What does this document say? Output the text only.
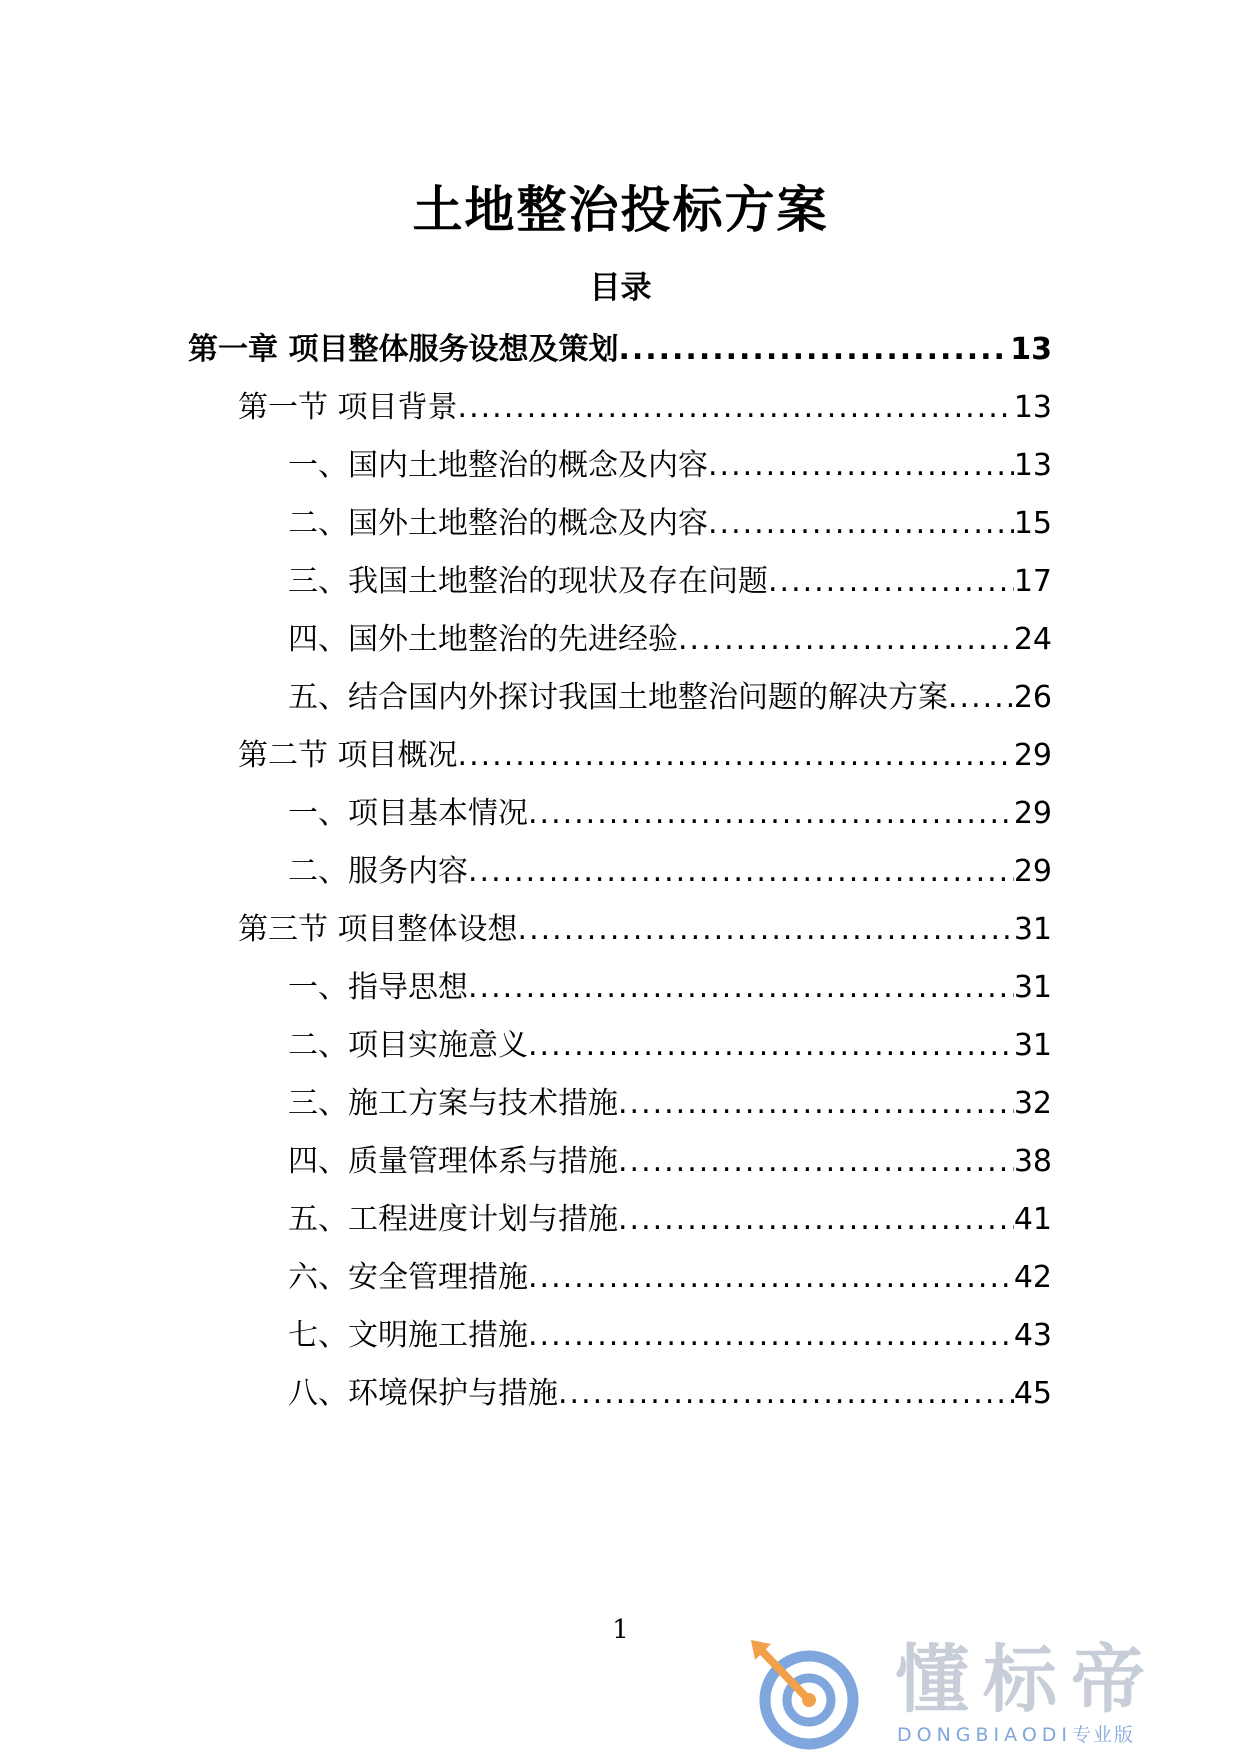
土地整治投标方案
目录
第一章 项目整体服务设想及策划 .....	13
第一节 项目背景 .....	13
一、国内土地整治的概念及内容 .....	13
二、国外土地整治的概念及内容 .....	15
三、我国土地整治的现状及存在问题 .....	17
四、国外土地整治的先进经验 .....	24
五、结合国内外探讨我国土地整治问题的解决方案 ..... 26
第二节 项目概况 .....	29
一、项目基本情况 .....	29
二、服务内容 .....	29
第三节 项目整体设想 .....	31
一、指导思想 .....	31
二、项目实施意义 .....	31
三、施工方案与技术措施 .....	32
四、质量管理体系与措施 .....	38
五、工程进度计划与措施 .....	41
六、安全管理措施 .....	42
七、文明施工措施 .....	43
八、环境保护与措施 .....	45
1
懂标帝
DONGBIAODI专业版
